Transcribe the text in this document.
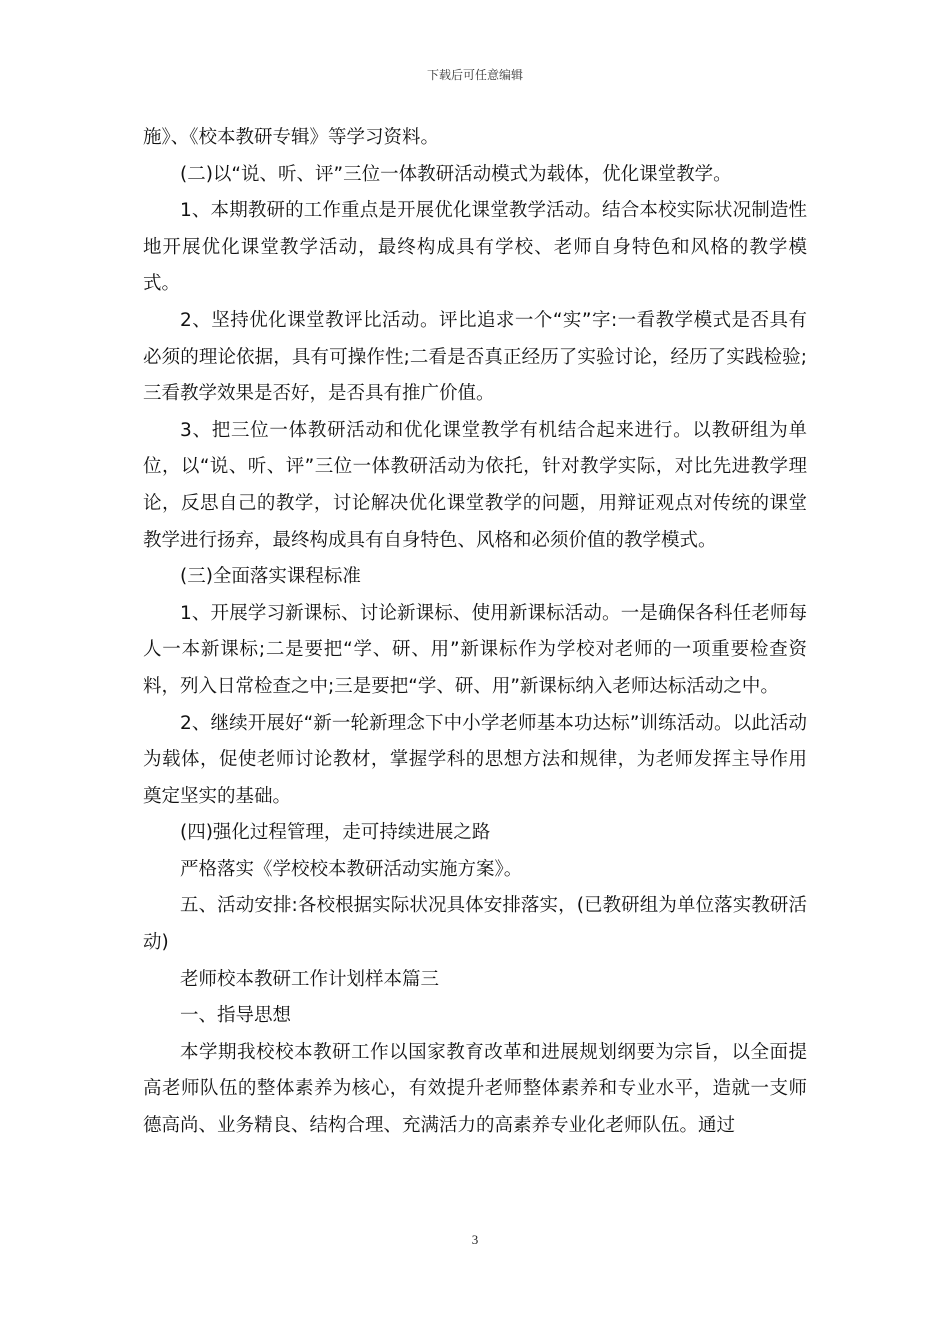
下载后可任意编辑

施》、《校本教研专辑》等学习资料。

(二)以“说、听、评”三位一体教研活动模式为载体，优化课堂教学。

1、本期教研的工作重点是开展优化课堂教学活动。结合本校实际状况制造性地开展优化课堂教学活动，最终构成具有学校、老师自身特色和风格的教学模式。

2、坚持优化课堂教评比活动。评比追求一个“实”字:一看教学模式是否具有必须的理论依据，具有可操作性;二看是否真正经历了实验讨论，经历了实践检验;三看教学效果是否好，是否具有推广价值。

3、把三位一体教研活动和优化课堂教学有机结合起来进行。以教研组为单位，以“说、听、评”三位一体教研活动为依托，针对教学实际，对比先进教学理论，反思自己的教学，讨论解决优化课堂教学的问题，用辩证观点对传统的课堂教学进行扬弃，最终构成具有自身特色、风格和必须价值的教学模式。

(三)全面落实课程标准

1、开展学习新课标、讨论新课标、使用新课标活动。一是确保各科任老师每人一本新课标;二是要把“学、研、用”新课标作为学校对老师的一项重要检查资料，列入日常检查之中;三是要把“学、研、用”新课标纳入老师达标活动之中。

2、继续开展好“新一轮新理念下中小学老师基本功达标”训练活动。以此活动为载体，促使老师讨论教材，掌握学科的思想方法和规律，为老师发挥主导作用奠定坚实的基础。

(四)强化过程管理，走可持续进展之路

严格落实《学校校本教研活动实施方案》。

五、活动安排:各校根据实际状况具体安排落实，(已教研组为单位落实教研活动)

老师校本教研工作计划样本篇三

一、指导思想

本学期我校校本教研工作以国家教育改革和进展规划纲要为宗旨，以全面提高老师队伍的整体素养为核心，有效提升老师整体素养和专业水平，造就一支师德高尚、业务精良、结构合理、充满活力的高素养专业化老师队伍。通过

3
